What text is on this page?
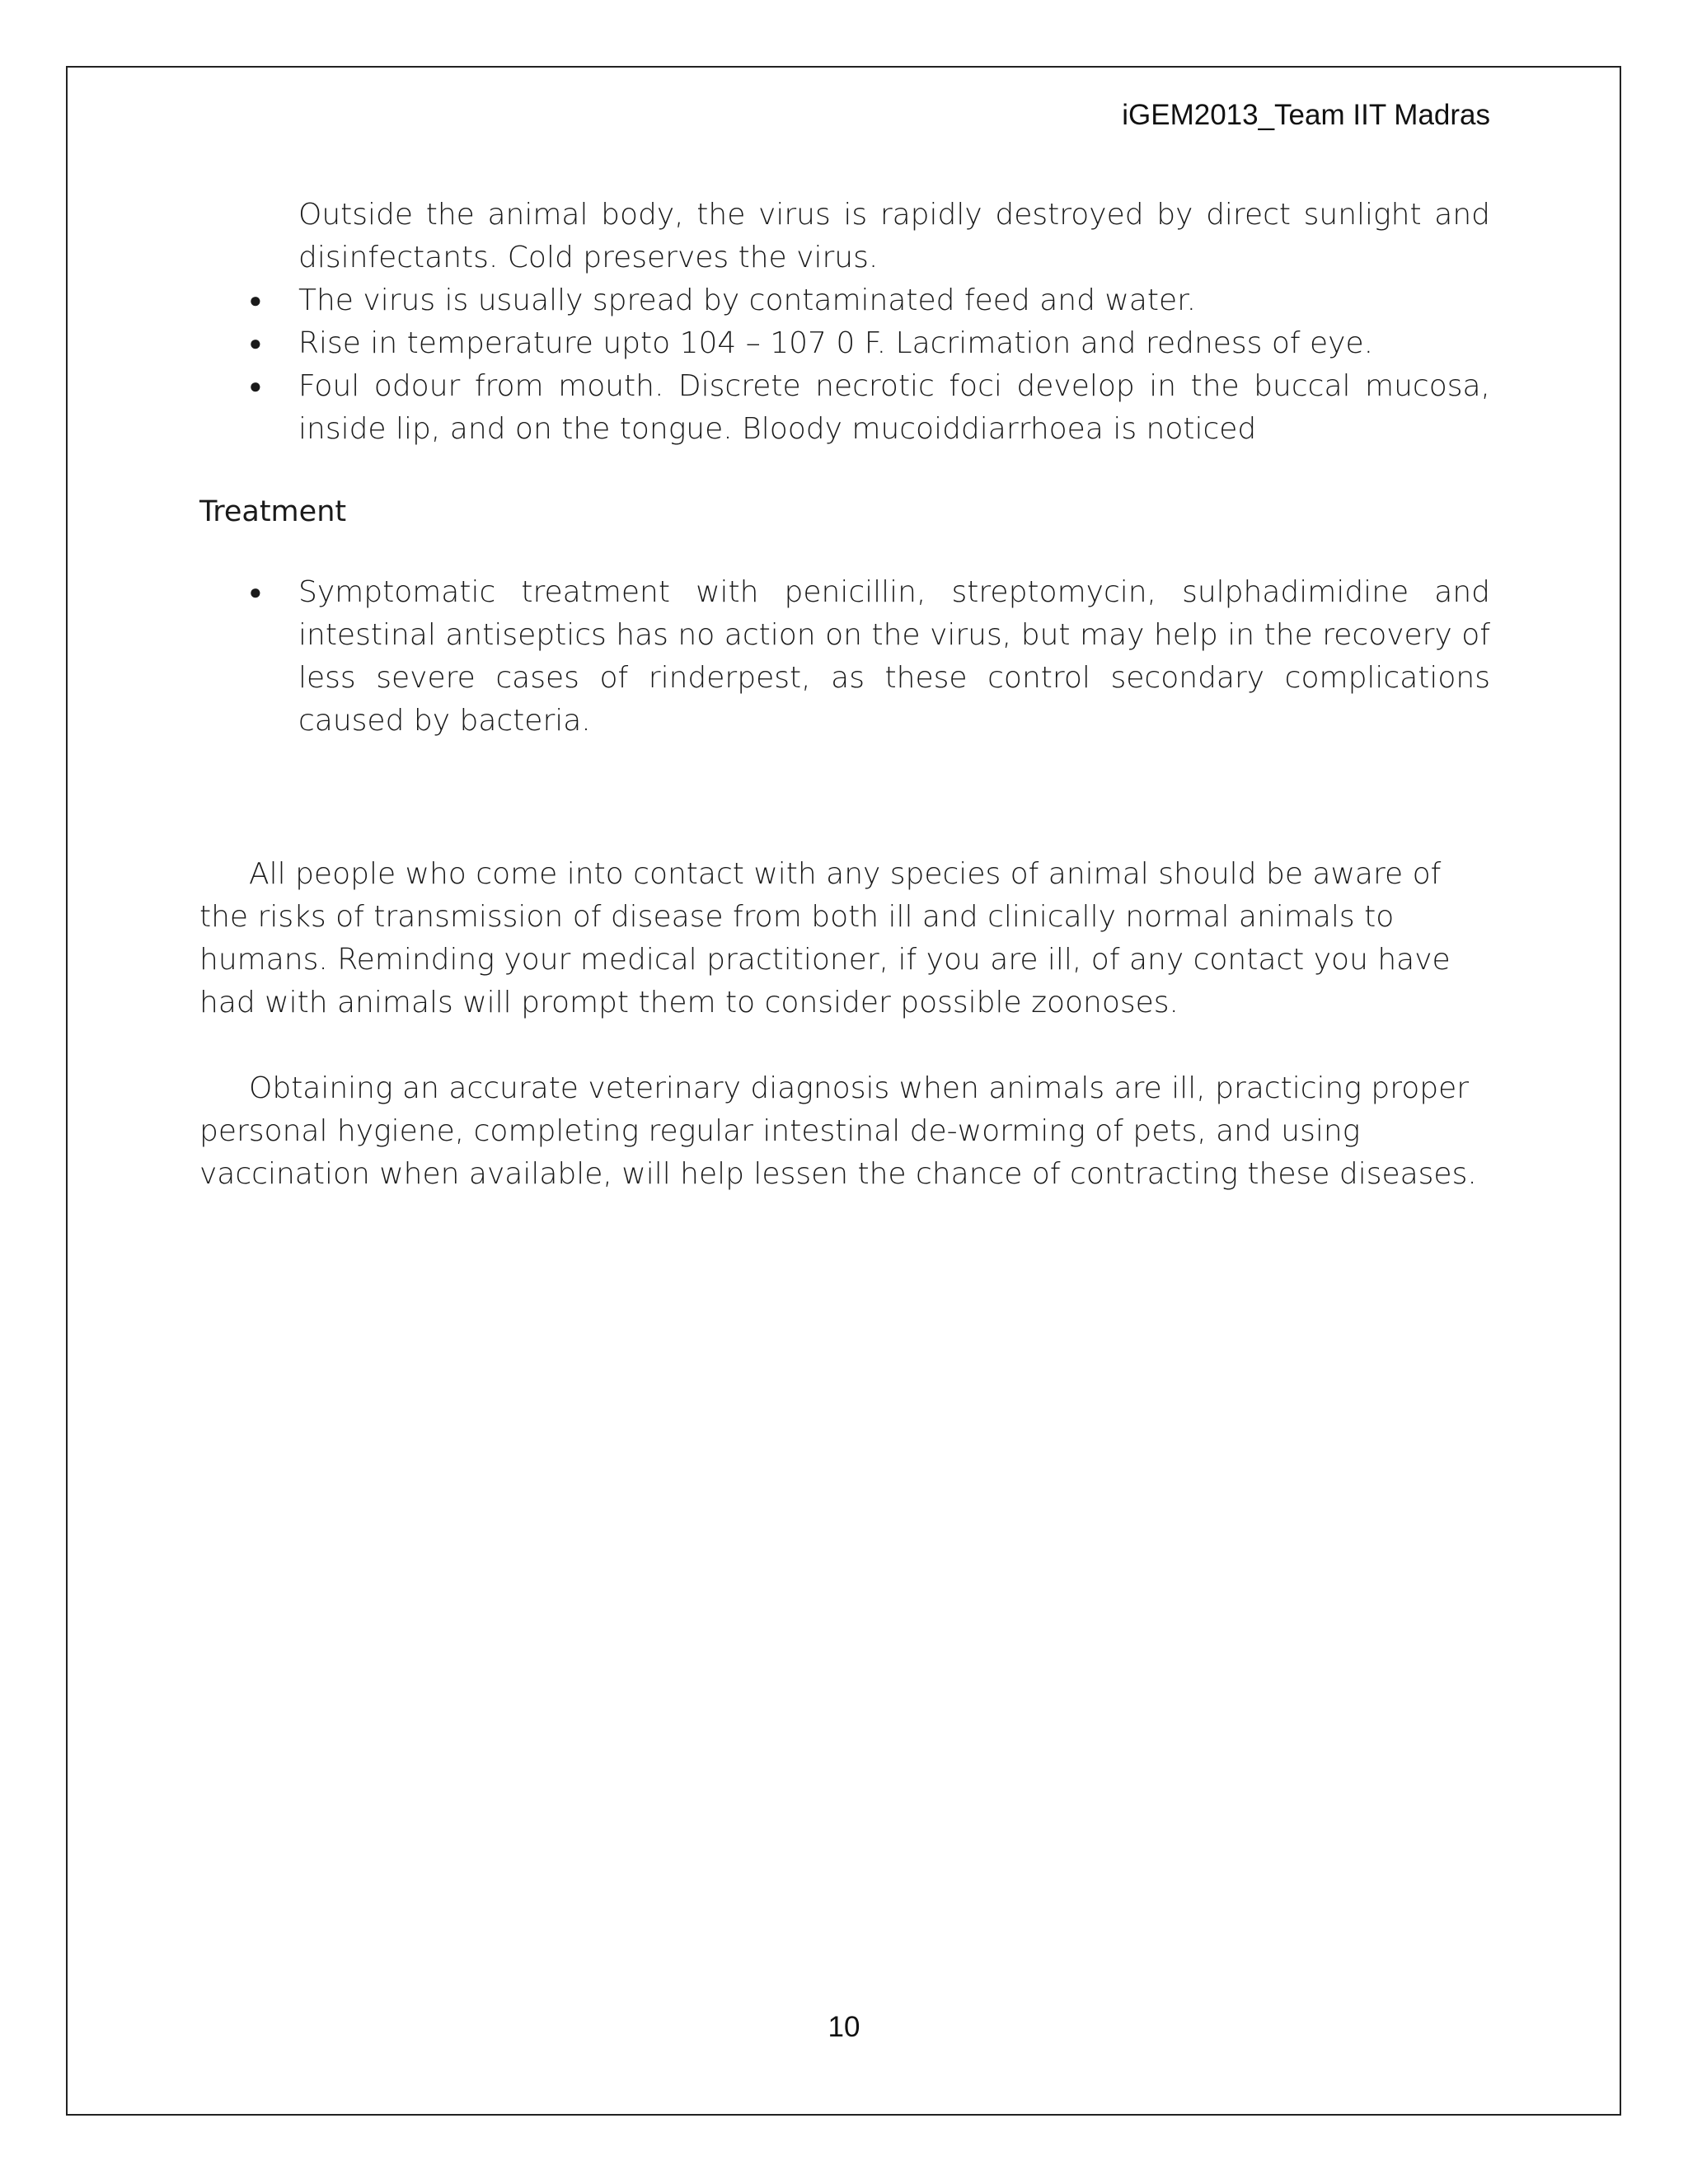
iGEM2013_Team IIT Madras
Outside the animal body, the virus is rapidly destroyed by direct sunlight and disinfectants. Cold preserves the virus.
● The virus is usually spread by contaminated feed and water.
● Rise in temperature upto 104 – 107 0 F. Lacrimation and redness of eye.
● Foul odour from mouth. Discrete necrotic foci develop in the buccal mucosa, inside lip, and on the tongue. Bloody mucoiddiarrhoea is noticed
Treatment
● Symptomatic treatment with penicillin, streptomycin, sulphadimidine and intestinal antiseptics has no action on the virus, but may help in the recovery of less severe cases of rinderpest, as these control secondary complications caused by bacteria.

All people who come into contact with any species of animal should be aware of the risks of transmission of disease from both ill and clinically normal animals to humans. Reminding your medical practitioner, if you are ill, of any contact you have had with animals will prompt them to consider possible zoonoses.

Obtaining an accurate veterinary diagnosis when animals are ill, practicing proper personal hygiene, completing regular intestinal de-worming of pets, and using vaccination when available, will help lessen the chance of contracting these diseases.

10
